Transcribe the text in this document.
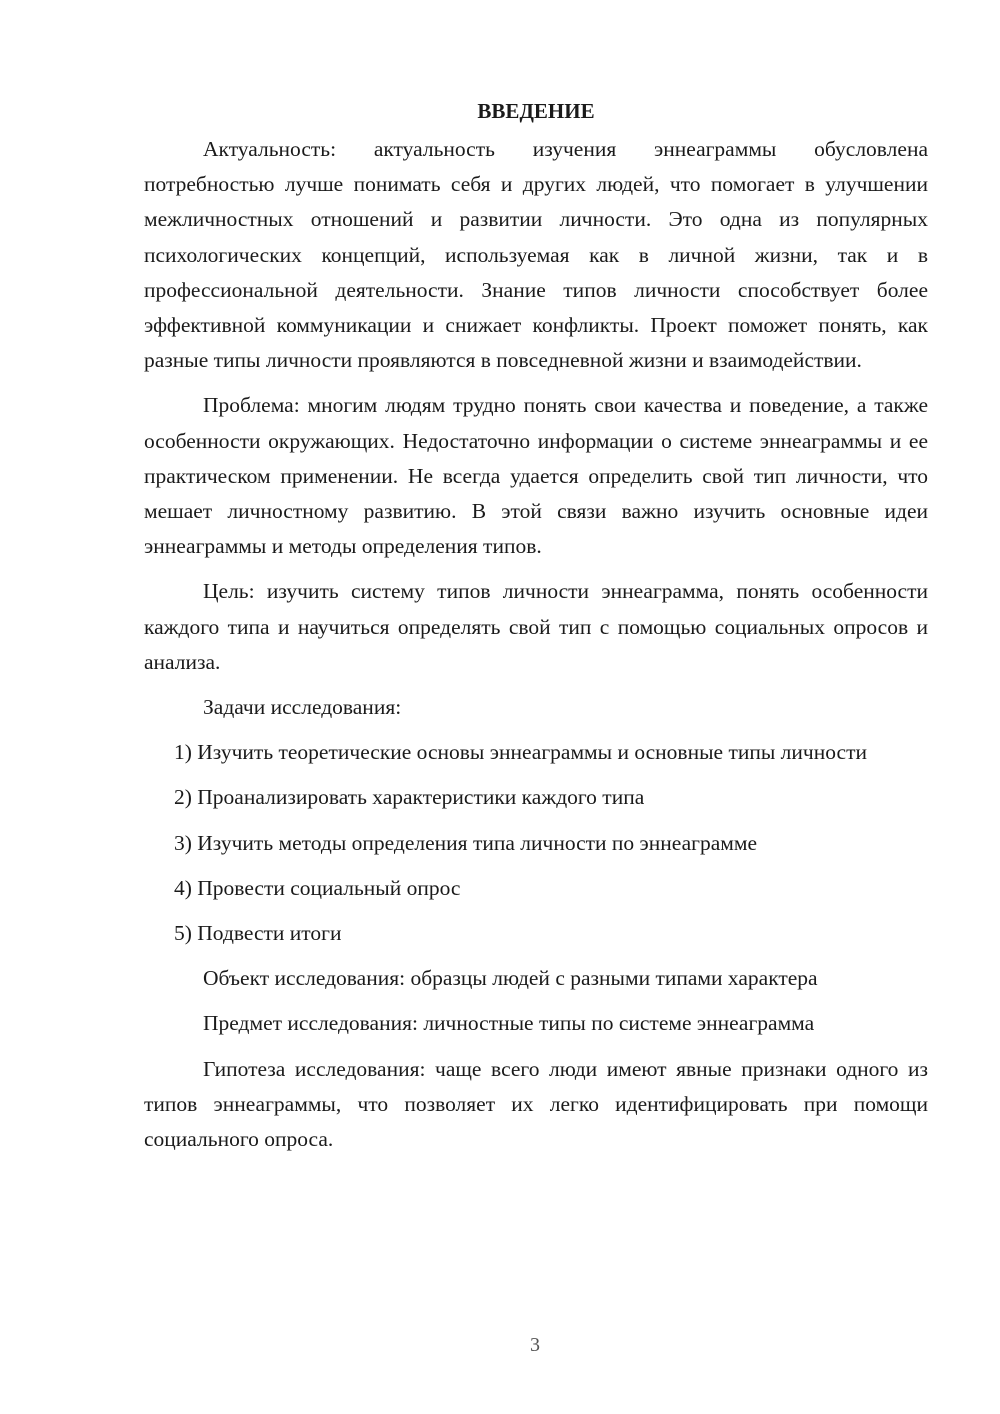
ВВЕДЕНИЕ

Актуальность: актуальность изучения эннеаграммы обусловлена потребностью лучше понимать себя и других людей, что помогает в улучшении межличностных отношений и развитии личности. Это одна из популярных психологических концепций, используемая как в личной жизни, так и в профессиональной деятельности. Знание типов личности способствует более эффективной коммуникации и снижает конфликты. Проект поможет понять, как разные типы личности проявляются в повседневной жизни и взаимодействии.

Проблема: многим людям трудно понять свои качества и поведение, а также особенности окружающих. Недостаточно информации о системе эннеаграммы и ее практическом применении. Не всегда удается определить свой тип личности, что мешает личностному развитию. В этой связи важно изучить основные идеи эннеаграммы и методы определения типов.

Цель: изучить систему типов личности эннеаграмма, понять особенности каждого типа и научиться определять свой тип с помощью социальных опросов и анализа.

Задачи исследования:

1) Изучить теоретические основы эннеаграммы и основные типы личности

2) Проанализировать характеристики каждого типа

3) Изучить методы определения типа личности по эннеаграмме

4) Провести социальный опрос

5) Подвести итоги

Объект исследования: образцы людей с разными типами характера

Предмет исследования: личностные типы по системе эннеаграмма

Гипотеза исследования: чаще всего люди имеют явные признаки одного из типов эннеаграммы, что позволяет их легко идентифицировать при помощи социального опроса.

3
